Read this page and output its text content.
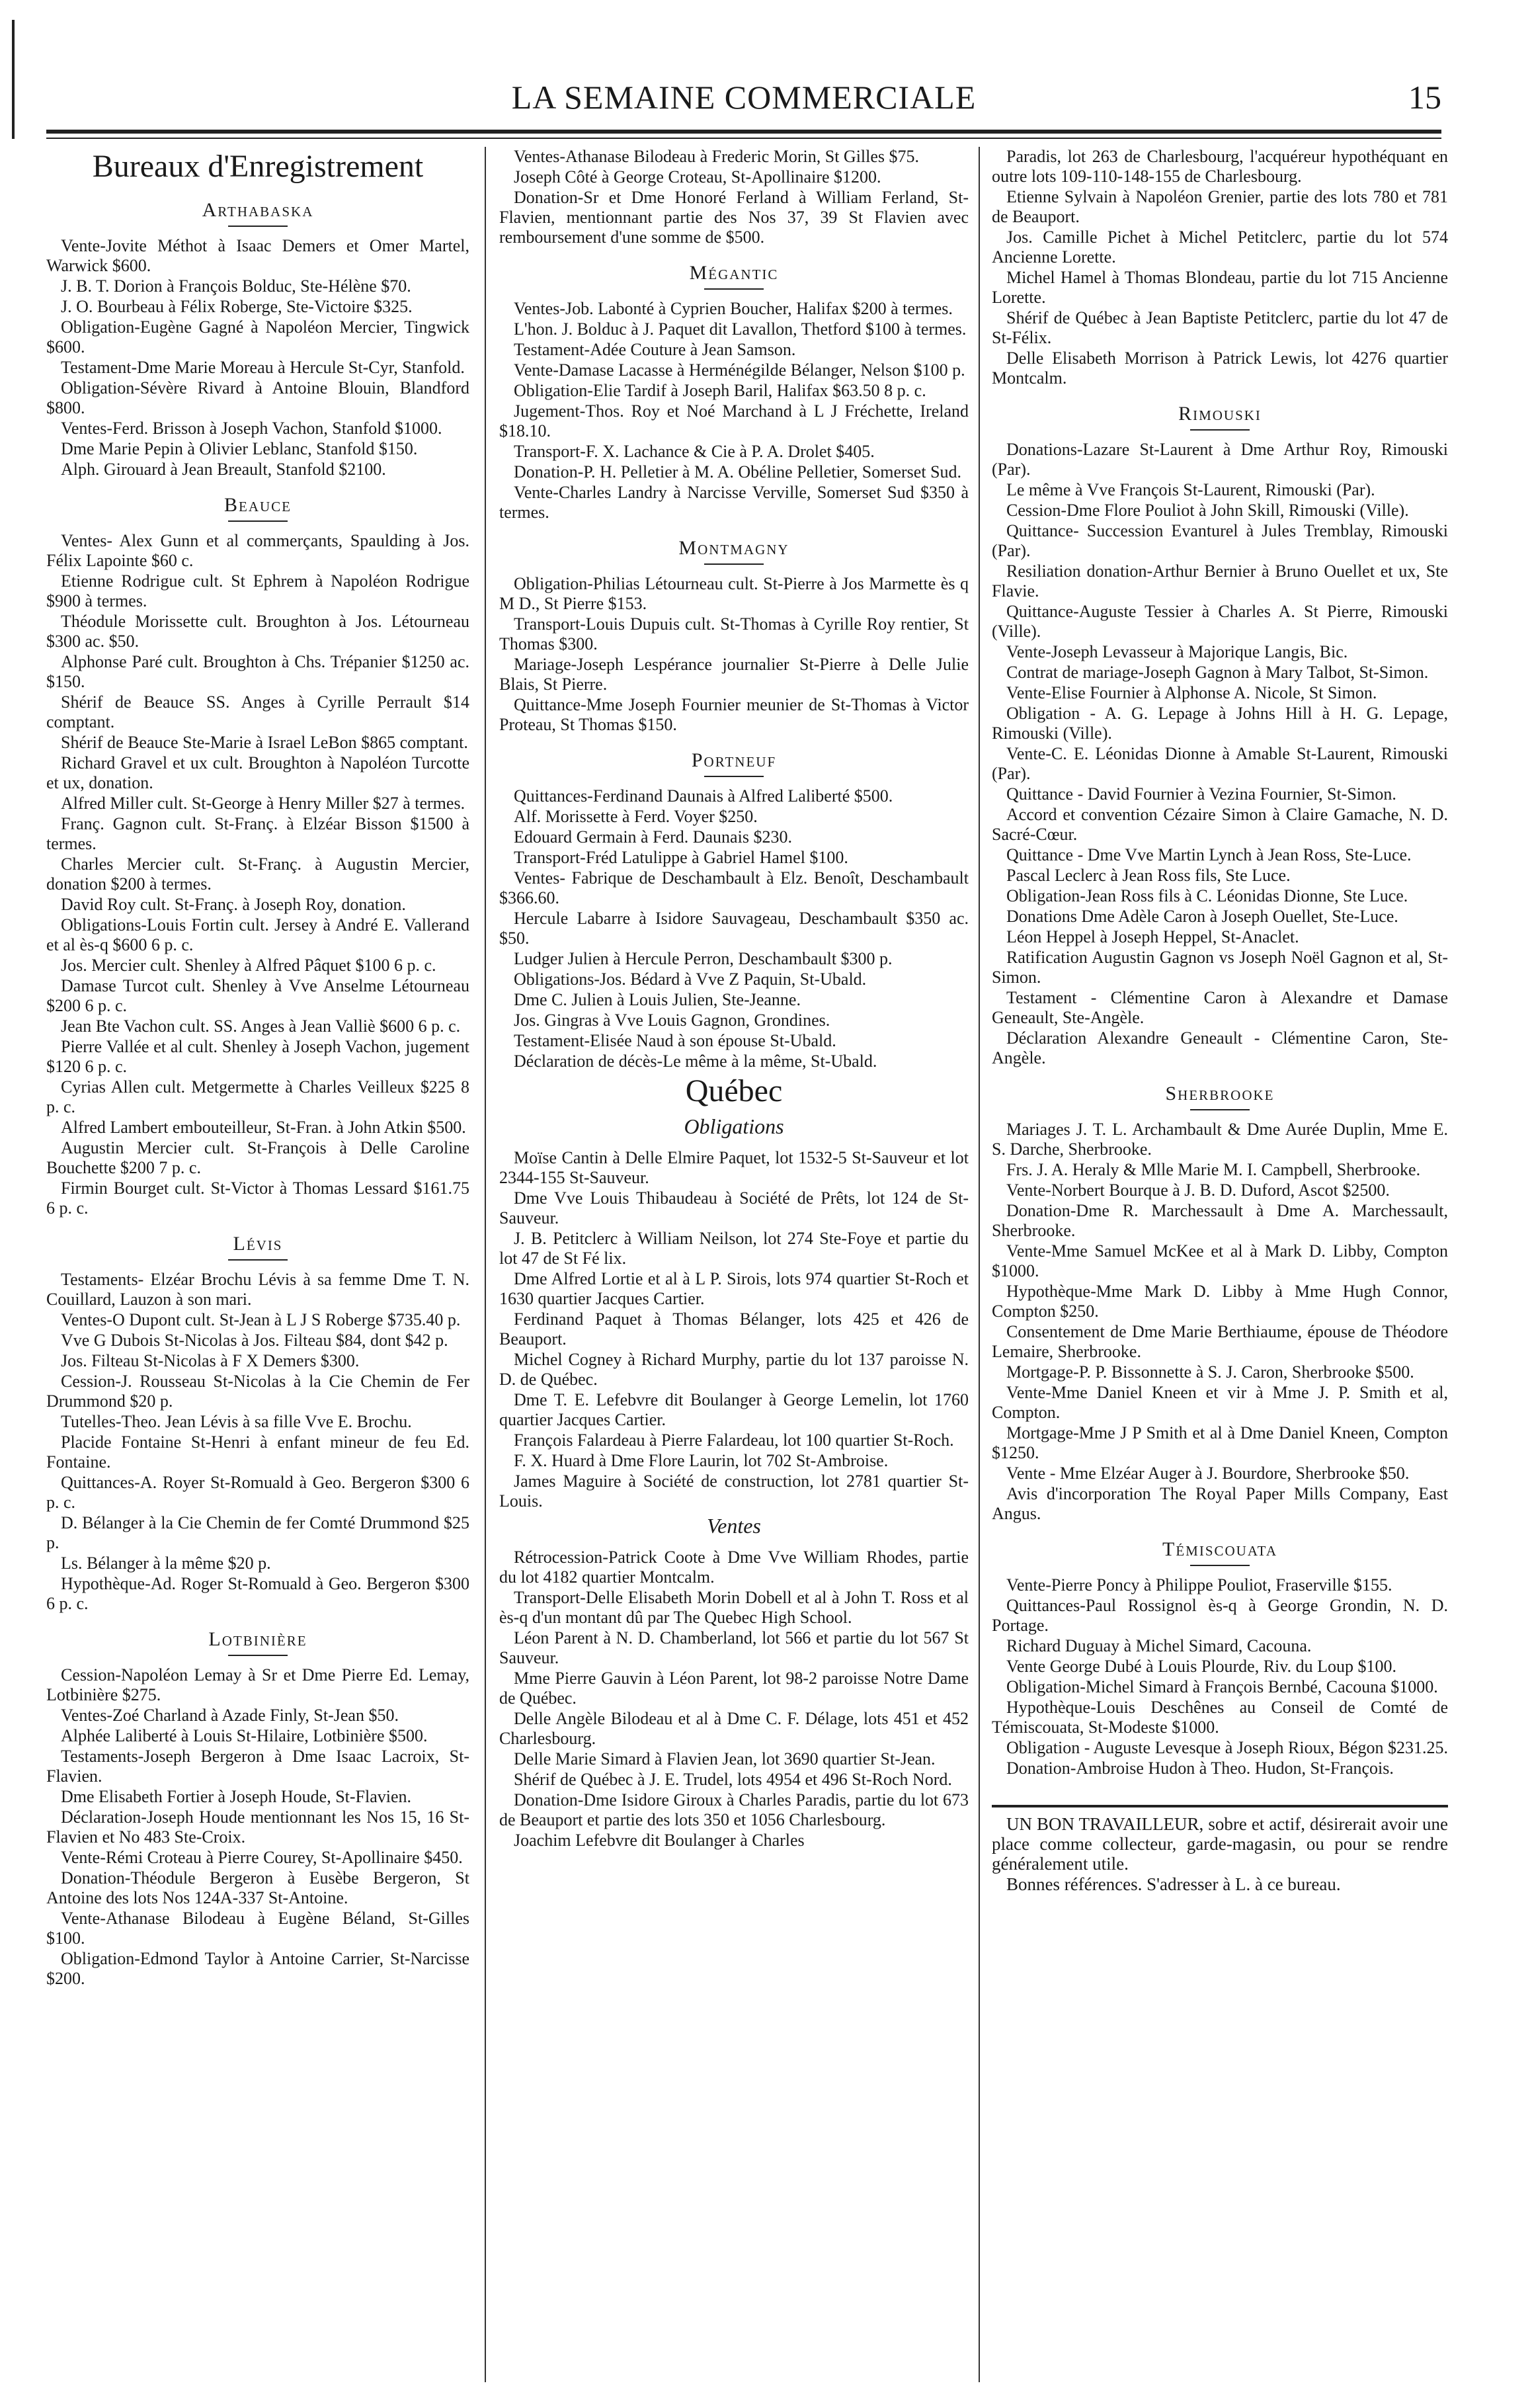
LA SEMAINE COMMERCIALE	15
Bureaux d'Enregistrement
Arthabaska

Vente-Jovite Méthot à Isaac Demers et Omer Martel, Warwick $600.

J. B. T. Dorion à François Bolduc, Ste-Hélène $70.

J. O. Bourbeau à Félix Roberge, Ste-Victoire $325.

Obligation-Eugène Gagné à Napoléon Mercier, Tingwick $600.

Testament-Dme Marie Moreau à Hercule St-Cyr, Stanfold.

Obligation-Sévère Rivard à Antoine Blouin, Blandford $800.

Ventes-Ferd. Brisson à Joseph Vachon, Stanfold $1000.

Dme Marie Pepin à Olivier Leblanc, Stanfold $150.

Alph. Girouard à Jean Breault, Stanfold $2100.

Beauce

Ventes- Alex Gunn et al commerçants, Spaulding à Jos. Félix Lapointe $60 c.

Etienne Rodrigue cult. St Ephrem à Napoléon Rodrigue $900 à termes.

Théodule Morissette cult. Broughton à Jos. Létourneau $300 ac. $50.

Alphonse Paré cult. Broughton à Chs. Trépanier $1250 ac. $150.

Shérif de Beauce SS. Anges à Cyrille Perrault $14 comptant.

Shérif de Beauce Ste-Marie à Israel LeBon $865 comptant.

Richard Gravel et ux cult. Broughton à Napoléon Turcotte et ux, donation.

Alfred Miller cult. St-George à Henry Miller $27 à termes.

Franç. Gagnon cult. St-Franç. à Elzéar Bisson $1500 à termes.

Charles Mercier cult. St-Franç. à Augustin Mercier, donation $200 à termes.

David Roy cult. St-Franç. à Joseph Roy, donation.

Obligations-Louis Fortin cult. Jersey à André E. Vallerand et al ès-q $600 6 p. c.

Jos. Mercier cult. Shenley à Alfred Pâquet $100 6 p. c.

Damase Turcot cult. Shenley à Vve Anselme Létourneau $200 6 p. c.

Jean Bte Vachon cult. SS. Anges à Jean Valliè $600 6 p. c.

Pierre Vallée et al cult. Shenley à Joseph Vachon, jugement $120 6 p. c.

Cyrias Allen cult. Metgermette à Charles Veilleux $225 8 p. c.

Alfred Lambert embouteilleur, St-Fran. à John Atkin $500.

Augustin Mercier cult. St-François à Delle Caroline Bouchette $200 7 p. c.

Firmin Bourget cult. St-Victor à Thomas Lessard $161.75 6 p. c.

Lévis

Testaments- Elzéar Brochu Lévis à sa femme Dme T. N. Couillard, Lauzon à son mari.

Ventes-O Dupont cult. St-Jean à L J S Roberge $735.40 p.

Vve G Dubois St-Nicolas à Jos. Filteau $84, dont $42 p.

Jos. Filteau St-Nicolas à F X Demers $300.

Cession-J. Rousseau St-Nicolas à la Cie Chemin de Fer Drummond $20 p.

Tutelles-Theo. Jean Lévis à sa fille Vve E. Brochu.

Placide Fontaine St-Henri à enfant mineur de feu Ed. Fontaine.

Quittances-A. Royer St-Romuald à Geo. Bergeron $300 6 p. c.

D. Bélanger à la Cie Chemin de fer Comté Drummond $25 p.

Ls. Bélanger à la même $20 p.

Hypothèque-Ad. Roger St-Romuald à Geo. Bergeron $300 6 p. c.

Lotbinière

Cession-Napoléon Lemay à Sr et Dme Pierre Ed. Lemay, Lotbinière $275.

Ventes-Zoé Charland à Azade Finly, St-Jean $50.

Alphée Laliberté à Louis St-Hilaire, Lotbinière $500.

Testaments-Joseph Bergeron à Dme Isaac Lacroix, St-Flavien.

Dme Elisabeth Fortier à Joseph Houde, St-Flavien.

Déclaration-Joseph Houde mentionnant les Nos 15, 16 St-Flavien et No 483 Ste-Croix.

Vente-Rémi Croteau à Pierre Courey, St-Apollinaire $450.

Donation-Théodule Bergeron à Eusèbe Bergeron, St Antoine des lots Nos 124A-337 St-Antoine.

Vente-Athanase Bilodeau à Eugène Béland, St-Gilles $100.

Obligation-Edmond Taylor à Antoine Carrier, St-Narcisse $200.

Ventes-Athanase Bilodeau à Frederic Morin, St Gilles $75.

Joseph Côté à George Croteau, St-Apollinaire $1200.

Donation-Sr et Dme Honoré Ferland à William Ferland, St-Flavien, mentionnant partie des Nos 37, 39 St Flavien avec remboursement d'une somme de $500.

Mégantic

Ventes-Job. Labonté à Cyprien Boucher, Halifax $200 à termes.

L'hon. J. Bolduc à J. Paquet dit Lavallon, Thetford $100 à termes.

Testament-Adée Couture à Jean Samson.

Vente-Damase Lacasse à Herménégilde Bélanger, Nelson $100 p.

Obligation-Elie Tardif à Joseph Baril, Halifax $63.50 8 p. c.

Jugement-Thos. Roy et Noé Marchand à L J Fréchette, Ireland $18.10.

Transport-F. X. Lachance & Cie à P. A. Drolet $405.

Donation-P. H. Pelletier à M. A. Obéline Pelletier, Somerset Sud.

Vente-Charles Landry à Narcisse Verville, Somerset Sud $350 à termes.

Montmagny

Obligation-Philias Létourneau cult. St-Pierre à Jos Marmette ès q M D., St Pierre $153.

Transport-Louis Dupuis cult. St-Thomas à Cyrille Roy rentier, St Thomas $300.

Mariage-Joseph Lespérance journalier St-Pierre à Delle Julie Blais, St Pierre.

Quittance-Mme Joseph Fournier meunier de St-Thomas à Victor Proteau, St Thomas $150.

Portneuf

Quittances-Ferdinand Daunais à Alfred Laliberté $500.

Alf. Morissette à Ferd. Voyer $250.

Edouard Germain à Ferd. Daunais $230.

Transport-Fréd Latulippe à Gabriel Hamel $100.

Ventes- Fabrique de Deschambault à Elz. Benoît, Deschambault $366.60.

Hercule Labarre à Isidore Sauvageau, Deschambault $350 ac. $50.

Ludger Julien à Hercule Perron, Deschambault $300 p.

Obligations-Jos. Bédard à Vve Z Paquin, St-Ubald.

Dme C. Julien à Louis Julien, Ste-Jeanne.

Jos. Gingras à Vve Louis Gagnon, Grondines.

Testament-Elisée Naud à son épouse St-Ubald.

Déclaration de décès-Le même à la même, St-Ubald.

Québec
Obligations

Moïse Cantin à Delle Elmire Paquet, lot 1532-5 St-Sauveur et lot 2344-155 St-Sauveur.

Dme Vve Louis Thibaudeau à Société de Prêts, lot 124 de St-Sauveur.

J. B. Petitclerc à William Neilson, lot 274 Ste-Foye et partie du lot 47 de St Fé lix.

Dme Alfred Lortie et al à L P. Sirois, lots 974 quartier St-Roch et 1630 quartier Jacques Cartier.

Ferdinand Paquet à Thomas Bélanger, lots 425 et 426 de Beauport.

Michel Cogney à Richard Murphy, partie du lot 137 paroisse N. D. de Québec.

Dme T. E. Lefebvre dit Boulanger à George Lemelin, lot 1760 quartier Jacques Cartier.

François Falardeau à Pierre Falardeau, lot 100 quartier St-Roch.

F. X. Huard à Dme Flore Laurin, lot 702 St-Ambroise.

James Maguire à Société de construction, lot 2781 quartier St-Louis.

Ventes

Rétrocession-Patrick Coote à Dme Vve William Rhodes, partie du lot 4182 quartier Montcalm.

Transport-Delle Elisabeth Morin Dobell et al à John T. Ross et al ès-q d'un montant dû par The Quebec High School.

Léon Parent à N. D. Chamberland, lot 566 et partie du lot 567 St Sauveur.

Mme Pierre Gauvin à Léon Parent, lot 98-2 paroisse Notre Dame de Québec.

Delle Angèle Bilodeau et al à Dme C. F. Délage, lots 451 et 452 Charlesbourg.

Delle Marie Simard à Flavien Jean, lot 3690 quartier St-Jean.

Shérif de Québec à J. E. Trudel, lots 4954 et 496 St-Roch Nord.

Donation-Dme Isidore Giroux à Charles Paradis, partie du lot 673 de Beauport et partie des lots 350 et 1056 Charlesbourg.

Joachim Lefebvre dit Boulanger à Charles

Paradis, lot 263 de Charlesbourg, l'acquéreur hypothéquant en outre lots 109-110-148-155 de Charlesbourg.

Etienne Sylvain à Napoléon Grenier, partie des lots 780 et 781 de Beauport.

Jos. Camille Pichet à Michel Petitclerc, partie du lot 574 Ancienne Lorette.

Michel Hamel à Thomas Blondeau, partie du lot 715 Ancienne Lorette.

Shérif de Québec à Jean Baptiste Petitclerc, partie du lot 47 de St-Félix.

Delle Elisabeth Morrison à Patrick Lewis, lot 4276 quartier Montcalm.

Rimouski

Donations-Lazare St-Laurent à Dme Arthur Roy, Rimouski (Par).

Le même à Vve François St-Laurent, Rimouski (Par).

Cession-Dme Flore Pouliot à John Skill, Rimouski (Ville).

Quittance- Succession Evanturel à Jules Tremblay, Rimouski (Par).

Resiliation donation-Arthur Bernier à Bruno Ouellet et ux, Ste Flavie.

Quittance-Auguste Tessier à Charles A. St Pierre, Rimouski (Ville).

Vente-Joseph Levasseur à Majorique Langis, Bic.

Contrat de mariage-Joseph Gagnon à Mary Talbot, St-Simon.

Vente-Elise Fournier à Alphonse A. Nicole, St Simon.

Obligation - A. G. Lepage à Johns Hill à H. G. Lepage, Rimouski (Ville).

Vente-C. E. Léonidas Dionne à Amable St-Laurent, Rimouski (Par).

Quittance - David Fournier à Vezina Fournier, St-Simon.

Accord et convention Cézaire Simon à Claire Gamache, N. D. Sacré-Cœur.

Quittance - Dme Vve Martin Lynch à Jean Ross, Ste-Luce.

Pascal Leclerc à Jean Ross fils, Ste Luce.

Obligation-Jean Ross fils à C. Léonidas Dionne, Ste Luce.

Donations Dme Adèle Caron à Joseph Ouellet, Ste-Luce.

Léon Heppel à Joseph Heppel, St-Anaclet.

Ratification Augustin Gagnon vs Joseph Noël Gagnon et al, St-Simon.

Testament - Clémentine Caron à Alexandre et Damase Geneault, Ste-Angèle.

Déclaration Alexandre Geneault - Clémentine Caron, Ste-Angèle.

Sherbrooke

Mariages J. T. L. Archambault & Dme Aurée Duplin, Mme E. S. Darche, Sherbrooke.

Frs. J. A. Heraly & Mlle Marie M. I. Campbell, Sherbrooke.

Vente-Norbert Bourque à J. B. D. Duford, Ascot $2500.

Donation-Dme R. Marchessault à Dme A. Marchessault, Sherbrooke.

Vente-Mme Samuel McKee et al à Mark D. Libby, Compton $1000.

Hypothèque-Mme Mark D. Libby à Mme Hugh Connor, Compton $250.

Consentement de Dme Marie Berthiaume, épouse de Théodore Lemaire, Sherbrooke.

Mortgage-P. P. Bissonnette à S. J. Caron, Sherbrooke $500.

Vente-Mme Daniel Kneen et vir à Mme J. P. Smith et al, Compton.

Mortgage-Mme J P Smith et al à Dme Daniel Kneen, Compton $1250.

Vente - Mme Elzéar Auger à J. Bourdore, Sherbrooke $50.

Avis d'incorporation The Royal Paper Mills Company, East Angus.

Témiscouata

Vente-Pierre Poncy à Philippe Pouliot, Fraserville $155.

Quittances-Paul Rossignol ès-q à George Grondin, N. D. Portage.

Richard Duguay à Michel Simard, Cacouna.

Vente George Dubé à Louis Plourde, Riv. du Loup $100.

Obligation-Michel Simard à François Bernbé, Cacouna $1000.

Hypothèque-Louis Deschênes au Conseil de Comté de Témiscouata, St-Modeste $1000.

Obligation - Auguste Levesque à Joseph Rioux, Bégon $231.25.

Donation-Ambroise Hudon à Theo. Hudon, St-François.

UN BON TRAVAILLEUR, sobre et actif, désirerait avoir une place comme collecteur, garde-magasin, ou pour se rendre généralement utile.

Bonnes références. S'adresser à L. à ce bureau.
